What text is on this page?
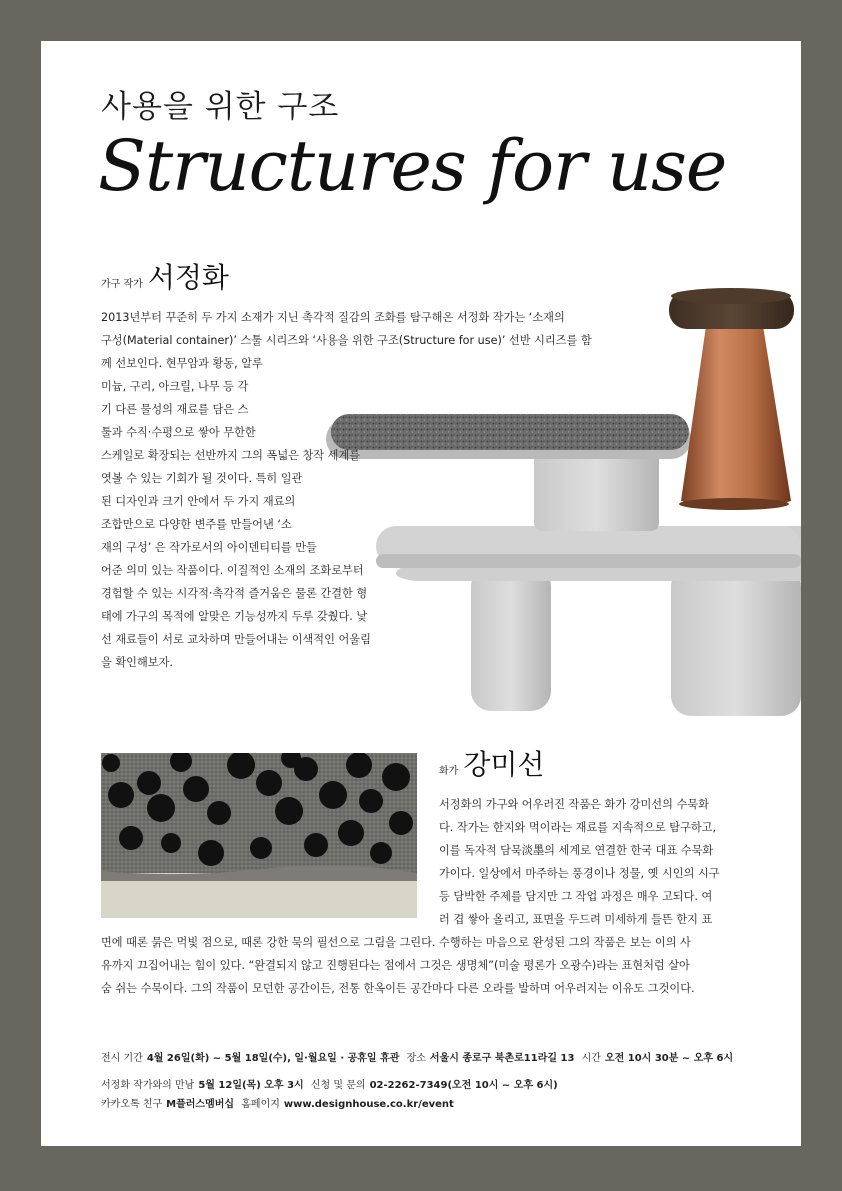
사용을 위한 구조
Structures for use
가구 작가 서정화
2013년부터 꾸준히 두 가지 소재가 지닌 촉각적 질감의 조화를 탐구해온 서정화 작가는 ‘소재의
구성(Material container)’ 스툴 시리즈와 ‘사용을 위한 구조(Structure for use)’ 선반 시리즈를 함
께 선보인다. 현무암과 황동, 알루
미늄, 구리, 아크릴, 나무 등 각
기 다른 물성의 재료를 담은 스
툴과 수직·수평으로 쌓아 무한한
스케일로 확장되는 선반까지 그의 폭넓은 창작 세계를
엿볼 수 있는 기회가 될 것이다. 특히 일관
된 디자인과 크기 안에서 두 가지 재료의
조합만으로 다양한 변주를 만들어낸 ‘소
재의 구성’ 은 작가로서의 아이덴티티를 만들
어준 의미 있는 작품이다. 이질적인 소재의 조화로부터
경험할 수 있는 시각적·촉각적 즐거움은 물론 간결한 형
태에 가구의 목적에 알맞은 기능성까지 두루 갖췄다. 낯
선 재료들이 서로 교차하며 만들어내는 이색적인 어울림
을 확인해보자.
화가 강미선
서정화의 가구와 어우러진 작품은 화가 강미선의 수묵화
다. 작가는 한지와 먹이라는 재료를 지속적으로 탐구하고,
이를 독자적 담묵淡墨의 세계로 연결한 한국 대표 수묵화
가이다. 일상에서 마주하는 풍경이나 정물, 옛 시인의 시구
등 담박한 주제를 담지만 그 작업 과정은 매우 고되다. 여
러 겹 쌓아 올리고, 표면을 두드려 미세하게 들뜬 한지 표
면에 때론 묽은 먹빛 점으로, 때론 강한 묵의 필선으로 그림을 그린다. 수행하는 마음으로 완성된 그의 작품은 보는 이의 사
유까지 끄집어내는 힘이 있다. “완결되지 않고 진행된다는 점에서 그것은 생명체”(미술 평론가 오광수)라는 표현처럼 살아
숨 쉬는 수묵이다. 그의 작품이 모던한 공간이든, 전통 한옥이든 공간마다 다른 오라를 발하며 어우러지는 이유도 그것이다.
전시 기간 4월 26일(화) ~ 5월 18일(수), 일·월요일 · 공휴일 휴관 장소 서울시 종로구 북촌로11라길 13 시간 오전 10시 30분 ~ 오후 6시
서정화 작가와의 만남 5월 12일(목) 오후 3시 신청 및 문의 02-2262-7349(오전 10시 ~ 오후 6시)
카카오톡 친구 M플러스멤버십 홈페이지 www.designhouse.co.kr/event
